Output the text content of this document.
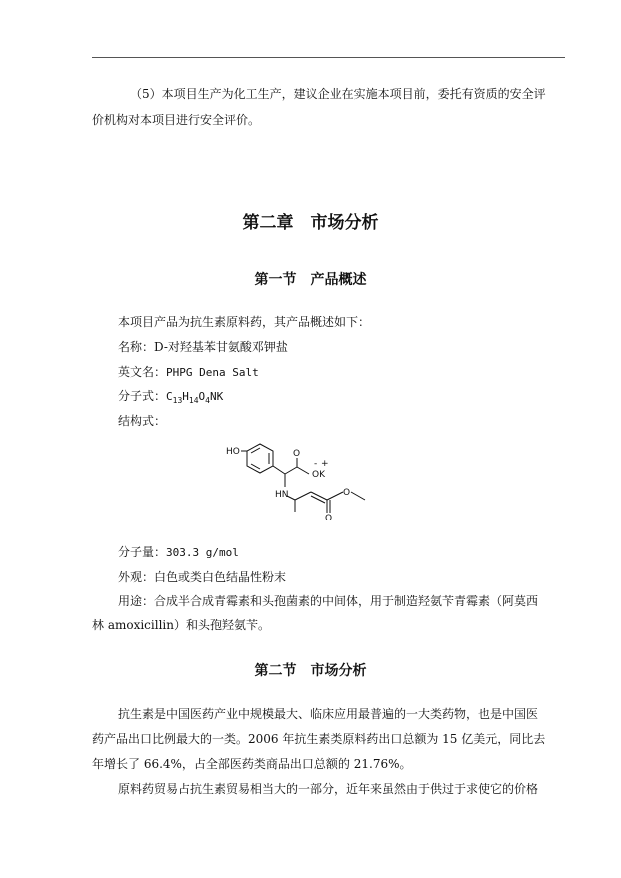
（5）本项目生产为化工生产，建议企业在实施本项目前，委托有资质的安全评
价机构对本项目进行安全评价。
第二章　市场分析
第一节　产品概述
本项目产品为抗生素原料药，其产品概述如下：
名称：D-对羟基苯甘氨酸邓钾盐
英文名：PHPG Dena Salt
分子式：$C_{13}H_{14}O_4NK$
结构式：
HO
OK
- +
O
HN
O
O
分子量：303.3 g/mol
外观：白色或类白色结晶性粉末
用途：合成半合成青霉素和头孢菌素的中间体，用于制造羟氨苄青霉素（阿莫西
林 amoxicillin）和头孢羟氨苄。
第二节　市场分析
抗生素是中国医药产业中规模最大、临床应用最普遍的一大类药物，也是中国医
药产品出口比例最大的一类。2006 年抗生素类原料药出口总额为 15 亿美元，同比去
年增长了 66.4%，占全部医药类商品出口总额的 21.76%。
原料药贸易占抗生素贸易相当大的一部分，近年来虽然由于供过于求使它的价格
